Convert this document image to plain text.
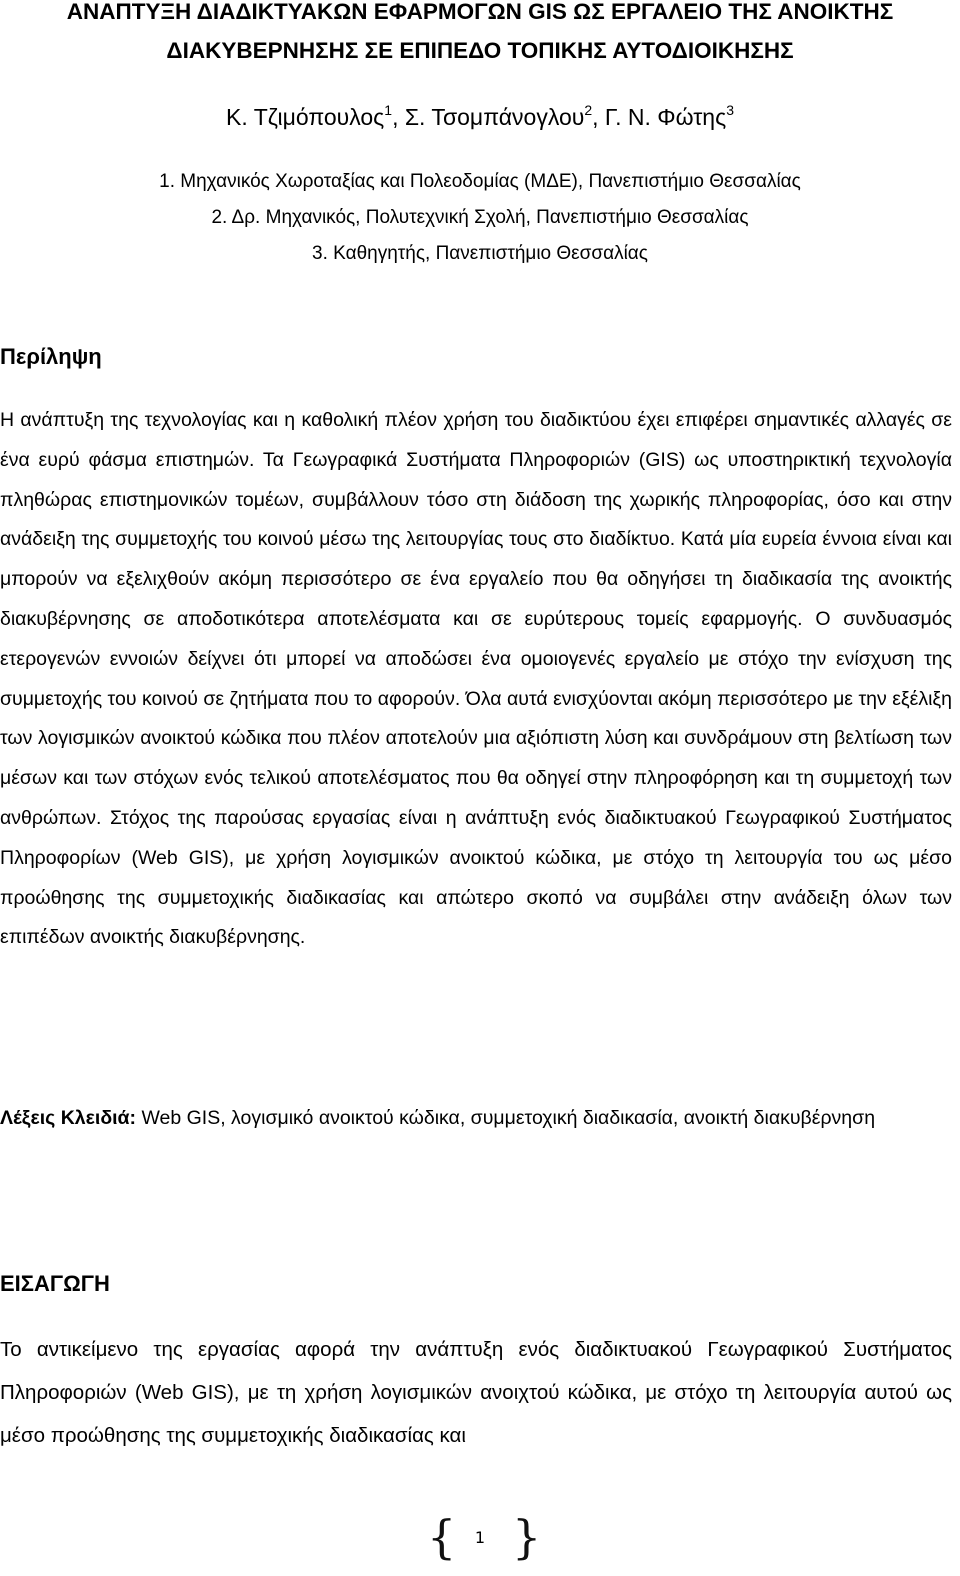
ΑΝΑΠΤΥΞΗ ΔΙΑΔΙΚΤΥΑΚΩΝ ΕΦΑΡΜΟΓΩΝ GIS ΩΣ ΕΡΓΑΛΕΙΟ ΤΗΣ ΑΝΟΙΚΤΗΣ
ΔΙΑΚΥΒΕΡΝΗΣΗΣ ΣΕ ΕΠΙΠΕΔΟ ΤΟΠΙΚΗΣ ΑΥΤΟΔΙΟΙΚΗΣΗΣ
Κ. Τζιμόπουλος$^1$, Σ. Τσομπάνογλου$^2$, Γ. Ν. Φώτης$^3$
1. Μηχανικός Χωροταξίας και Πολεοδομίας (ΜΔΕ), Πανεπιστήμιο Θεσσαλίας
2. Δρ. Μηχανικός, Πολυτεχνική Σχολή, Πανεπιστήμιο Θεσσαλίας
3. Καθηγητής, Πανεπιστήμιο Θεσσαλίας
Περίληψη
Η ανάπτυξη της τεχνολογίας και η καθολική πλέον χρήση του διαδικτύου έχει επιφέρει σημαντικές αλλαγές σε ένα ευρύ φάσμα επιστημών. Τα Γεωγραφικά Συστήματα Πληροφοριών (GIS) ως υποστηρικτική τεχνολογία πληθώρας επιστημονικών τομέων, συμβάλλουν τόσο στη διάδοση της χωρικής πληροφορίας, όσο και στην ανάδειξη της συμμετοχής του κοινού μέσω της λειτουργίας τους στο διαδίκτυο. Κατά μία ευρεία έννοια είναι και μπορούν να εξελιχθούν ακόμη περισσότερο σε ένα εργαλείο που θα οδηγήσει τη διαδικασία της ανοικτής διακυβέρνησης σε αποδοτικότερα αποτελέσματα και σε ευρύτερους τομείς εφαρμογής. Ο συνδυασμός ετερογενών εννοιών δείχνει ότι μπορεί να αποδώσει ένα ομοιογενές εργαλείο με στόχο την ενίσχυση της συμμετοχής του κοινού σε ζητήματα που το αφορούν. Όλα αυτά ενισχύονται ακόμη περισσότερο με την εξέλιξη των λογισμικών ανοικτού κώδικα που πλέον αποτελούν μια αξιόπιστη λύση και συνδράμουν στη βελτίωση των μέσων και των στόχων ενός τελικού αποτελέσματος που θα οδηγεί στην πληροφόρηση και τη συμμετοχή των ανθρώπων. Στόχος της παρούσας εργασίας είναι η ανάπτυξη ενός διαδικτυακού Γεωγραφικού Συστήματος Πληροφορίων (Web GIS), με χρήση λογισμικών ανοικτού κώδικα, με στόχο τη λειτουργία του ως μέσο προώθησης της συμμετοχικής διαδικασίας και απώτερο σκοπό να συμβάλει στην ανάδειξη όλων των επιπέδων ανοικτής διακυβέρνησης.
Λέξεις Κλειδιά: Web GIS, λογισμικό ανοικτού κώδικα, συμμετοχική διαδικασία, ανοικτή διακυβέρνηση
ΕΙΣΑΓΩΓΗ
Το αντικείμενο της εργασίας αφορά την ανάπτυξη ενός διαδικτυακού Γεωγραφικού Συστήματος Πληροφοριών (Web GIS), με τη χρήση λογισμικών ανοιχτού κώδικα, με στόχο τη λειτουργία αυτού ως μέσο προώθησης της συμμετοχικής διαδικασίας και
{	1 }
